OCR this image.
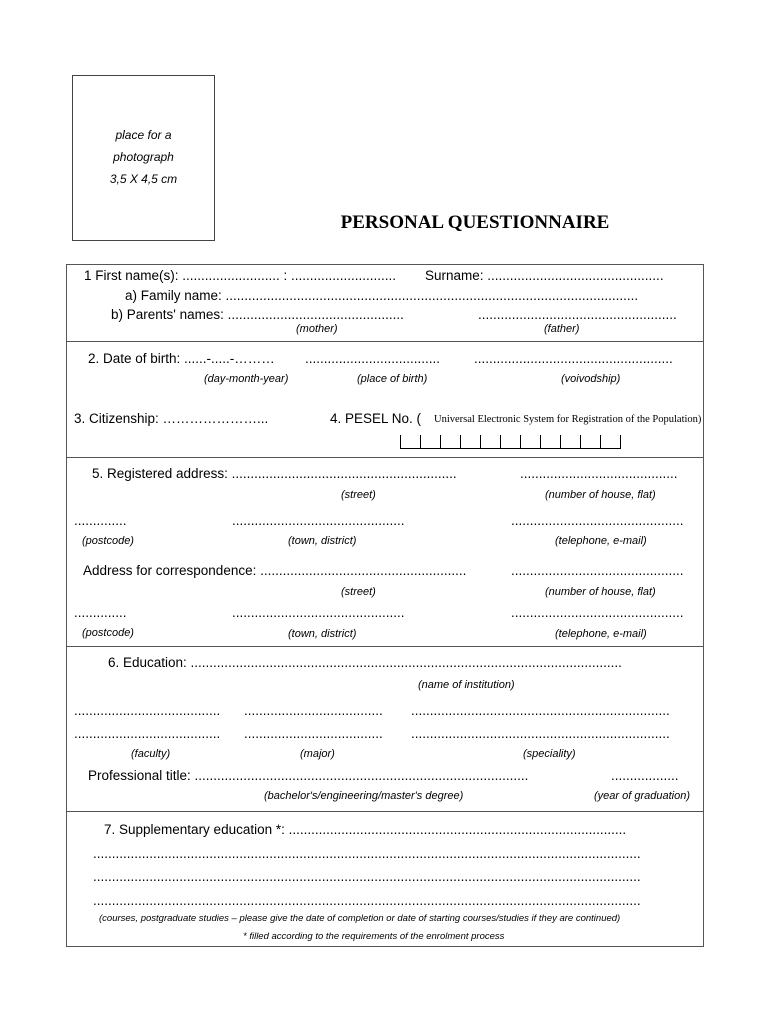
place for a
photograph
3,5 X 4,5 cm
PERSONAL QUESTIONNAIRE
1 First name(s): .......................... : ............................ Surname: ...............................................
a) Family name: ..............................................................................................................
b) Parents' names: ...............................................	.....................................................
(mother)	(father)
2. Date of birth: ......-.....-……… ....................................	.....................................................
(day-month-year)	(place of birth)	(voivodship)
3. Citizenship: …………………...	4. PESEL No. ( Universal Electronic System for Registration of the Population)
5. Registered address: ............................................................	..........................................
(street)	(number of house, flat)
..............	..............................................	..............................................
(postcode)	(town, district)	(telephone, e-mail)
Address for correspondence: .......................................................	..............................................
(street)	(number of house, flat)
..............	..............................................	..............................................
(postcode)	(town, district)	(telephone, e-mail)
6. Education: ...................................................................................................................
(name of institution)
....................................... ..................................... .....................................................................
....................................... ..................................... .....................................................................
(faculty)	(major)	(speciality)
Professional title: .........................................................................................	..................
(bachelor's/engineering/master's degree)	(year of graduation)
7. Supplementary education *: ..........................................................................................
..................................................................................................................................................
..................................................................................................................................................
..................................................................................................................................................
(courses, postgraduate studies – please give the date of completion or date of starting courses/studies if they are continued)
* filled according to the requirements of the enrolment process
